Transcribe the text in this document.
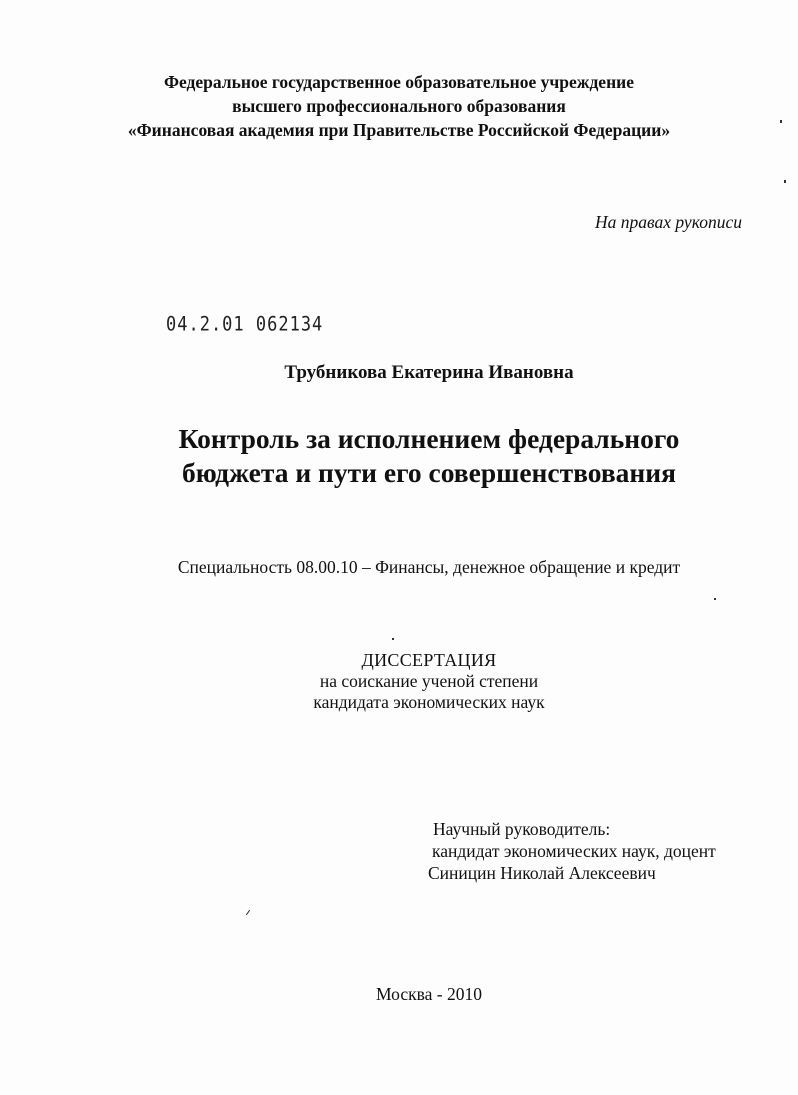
Федеральное государственное образовательное учреждение
высшего профессионального образования
«Финансовая академия при Правительстве Российской Федерации»
На правах рукописи
04.2.01 062134
Трубникова Екатерина Ивановна
Контроль за исполнением федерального
бюджета и пути его совершенствования
Специальность 08.00.10 – Финансы, денежное обращение и кредит
ДИССЕРТАЦИЯ
на соискание ученой степени
кандидата экономических наук
Научный руководитель:
кандидат экономических наук, доцент
Синицин Николай Алексеевич
Москва - 2010
